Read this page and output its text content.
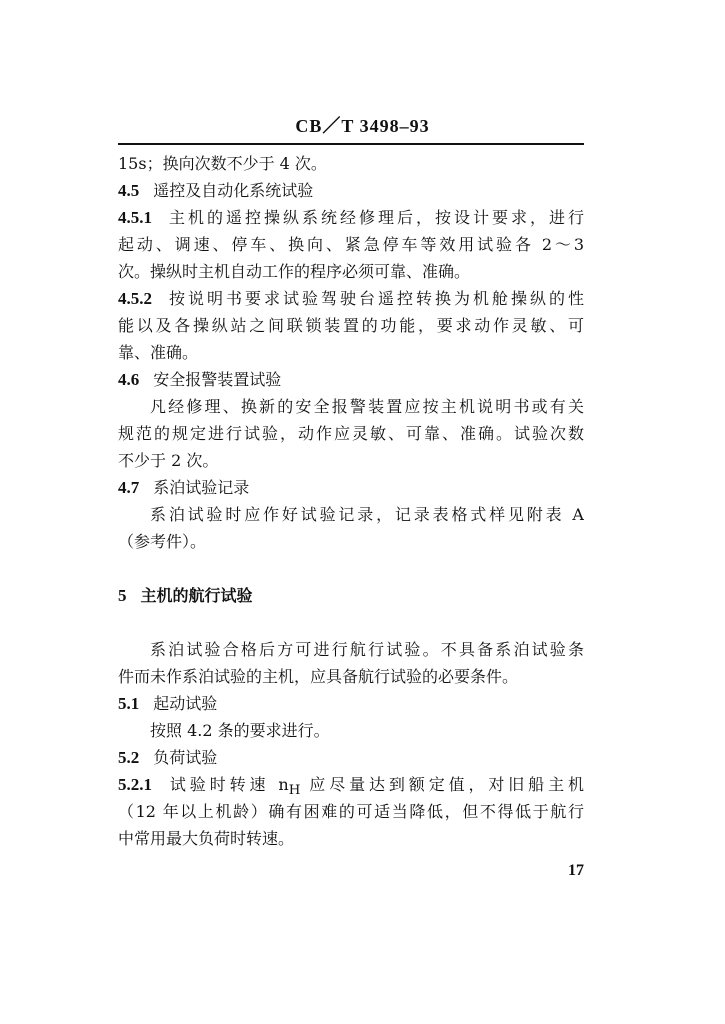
CB／T 3498–93
15s；换向次数不少于 4 次。
4.5 遥控及自动化系统试验
4.5.1 主机的遥控操纵系统经修理后，按设计要求，进行
起动、调速、停车、换向、紧急停车等效用试验各 2～3
次。操纵时主机自动工作的程序必须可靠、准确。
4.5.2 按说明书要求试验驾驶台遥控转换为机舱操纵的性
能以及各操纵站之间联锁装置的功能，要求动作灵敏、可
靠、准确。
4.6 安全报警装置试验
凡经修理、换新的安全报警装置应按主机说明书或有关
规范的规定进行试验，动作应灵敏、可靠、准确。试验次数
不少于 2 次。
4.7 系泊试验记录
系泊试验时应作好试验记录，记录表格式样见附表 A
（参考件）。
5 主机的航行试验
系泊试验合格后方可进行航行试验。不具备系泊试验条
件而未作系泊试验的主机，应具备航行试验的必要条件。
5.1 起动试验
按照 4.2 条的要求进行。
5.2 负荷试验
5.2.1 试验时转速 $n_H$ 应尽量达到额定值，对旧船主机
（12 年以上机龄）确有困难的可适当降低，但不得低于航行
中常用最大负荷时转速。
17
